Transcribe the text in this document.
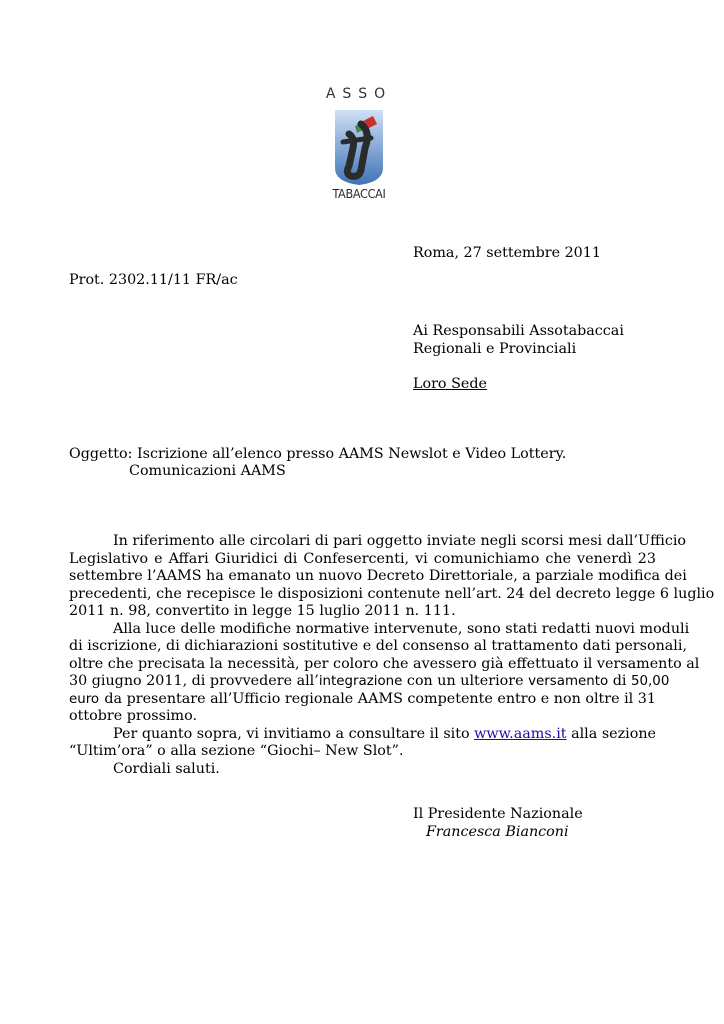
ASSO
TABACCAI
Roma, 27 settembre 2011
Prot. 2302.11/11 FR/ac
Ai Responsabili Assotabaccai
Regionali e Provinciali
Loro Sede
Oggetto: Iscrizione all’elenco presso AAMS Newslot e Video Lottery.
Comunicazioni AAMS
In riferimento alle circolari di pari oggetto inviate negli scorsi mesi dall’Ufficio
Legislativo e Affari Giuridici di Confesercenti, vi comunichiamo che venerdì 23
settembre l’AAMS ha emanato un nuovo Decreto Direttoriale, a parziale modifica dei
precedenti, che recepisce le disposizioni contenute nell’art. 24 del decreto legge 6 luglio
2011 n. 98, convertito in legge 15 luglio 2011 n. 111.
Alla luce delle modifiche normative intervenute, sono stati redatti nuovi moduli
di iscrizione, di dichiarazioni sostitutive e del consenso al trattamento dati personali,
oltre che precisata la necessità, per coloro che avessero già effettuato il versamento al
30 giugno 2011, di provvedere all’integrazione con un ulteriore versamento di 50,00
euro da presentare all’Ufficio regionale AAMS competente entro e non oltre il 31
ottobre prossimo.
Per quanto sopra, vi invitiamo a consultare il sito www.aams.it alla sezione
“Ultim’ora” o alla sezione “Giochi– New Slot”.
Cordiali saluti.
Il Presidente Nazionale
Francesca Bianconi
